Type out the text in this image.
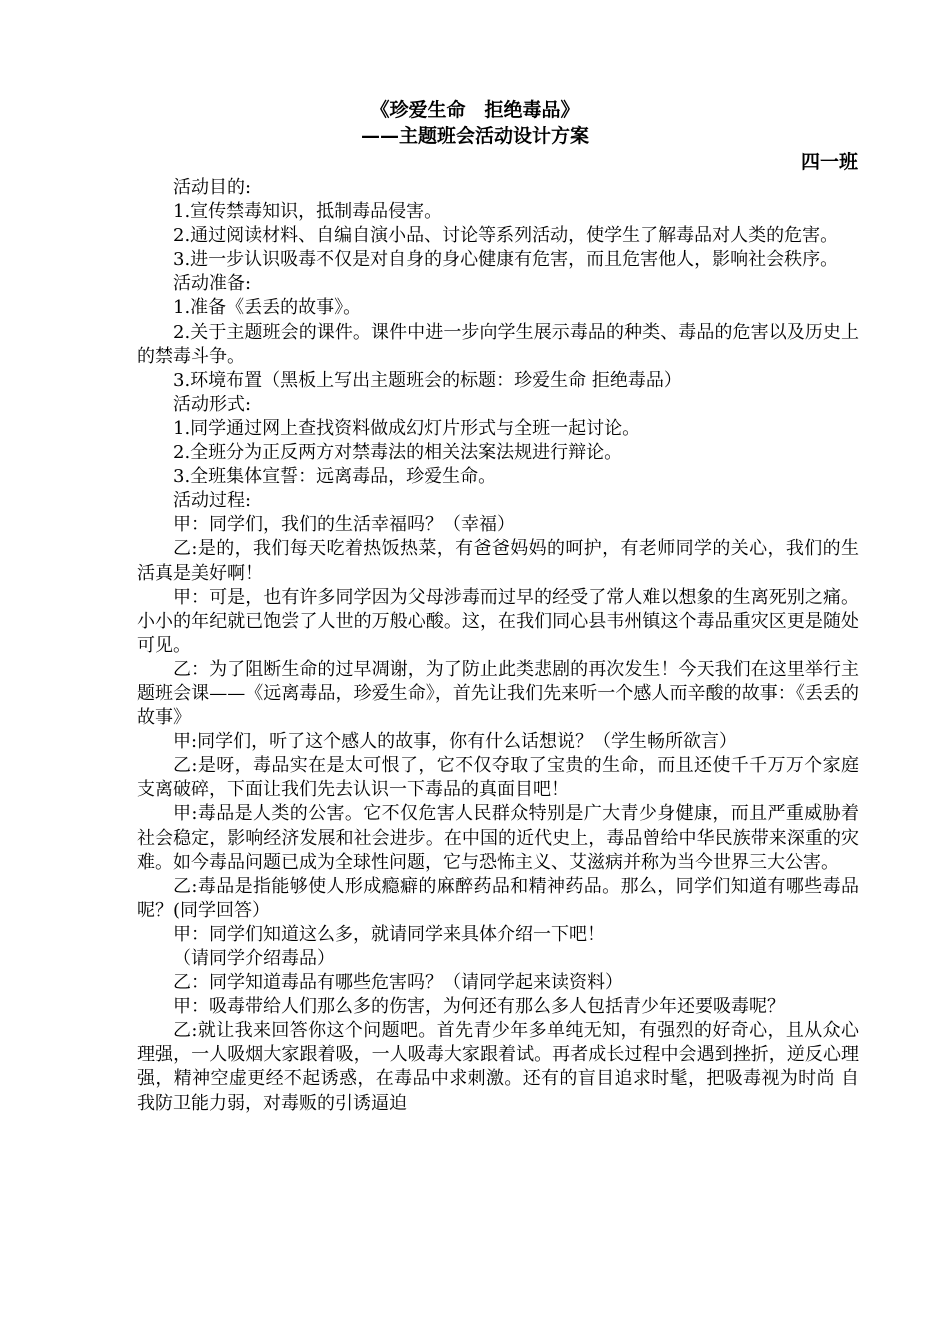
《珍爱生命　拒绝毒品》
——主题班会活动设计方案
四一班

活动目的:

1.宣传禁毒知识，抵制毒品侵害。

2.通过阅读材料、自编自演小品、讨论等系列活动，使学生了解毒品对人类的危害。

3.进一步认识吸毒不仅是对自身的身心健康有危害，而且危害他人，影响社会秩序。

活动准备:

1.准备《丢丢的故事》。

2.关于主题班会的课件。课件中进一步向学生展示毒品的种类、毒品的危害以及历史上的禁毒斗争。

3.环境布置（黑板上写出主题班会的标题：珍爱生命 拒绝毒品）

活动形式:

1.同学通过网上查找资料做成幻灯片形式与全班一起讨论。

2.全班分为正反两方对禁毒法的相关法案法规进行辩论。

3.全班集体宣誓：远离毒品，珍爱生命。

活动过程:

甲：同学们，我们的生活幸福吗？（幸福）

乙:是的，我们每天吃着热饭热菜，有爸爸妈妈的呵护，有老师同学的关心，我们的生活真是美好啊！

甲：可是，也有许多同学因为父母涉毒而过早的经受了常人难以想象的生离死别之痛。小小的年纪就已饱尝了人世的万般心酸。这，在我们同心县韦州镇这个毒品重灾区更是随处可见。

乙：为了阻断生命的过早凋谢，为了防止此类悲剧的再次发生！今天我们在这里举行主题班会课——《远离毒品，珍爱生命》，首先让我们先来听一个感人而辛酸的故事：《丢丢的故事》

甲:同学们，听了这个感人的故事，你有什么话想说？（学生畅所欲言）

乙:是呀，毒品实在是太可恨了，它不仅夺取了宝贵的生命，而且还使千千万万个家庭支离破碎，下面让我们先去认识一下毒品的真面目吧！

甲:毒品是人类的公害。它不仅危害人民群众特别是广大青少身健康，而且严重威胁着社会稳定，影响经济发展和社会进步。在中国的近代史上，毒品曾给中华民族带来深重的灾难。如今毒品问题已成为全球性问题，它与恐怖主义、艾滋病并称为当今世界三大公害。

乙:毒品是指能够使人形成瘾癖的麻醉药品和精神药品。那么，同学们知道有哪些毒品呢？(同学回答）

甲：同学们知道这么多，就请同学来具体介绍一下吧！

（请同学介绍毒品）

乙：同学知道毒品有哪些危害吗？（请同学起来读资料）

甲：吸毒带给人们那么多的伤害，为何还有那么多人包括青少年还要吸毒呢？

乙:就让我来回答你这个问题吧。首先青少年多单纯无知，有强烈的好奇心，且从众心理强，一人吸烟大家跟着吸，一人吸毒大家跟着试。再者成长过程中会遇到挫折，逆反心理强，精神空虚更经不起诱惑，在毒品中求刺激。还有的盲目追求时髦，把吸毒视为时尚 自我防卫能力弱，对毒贩的引诱逼迫
